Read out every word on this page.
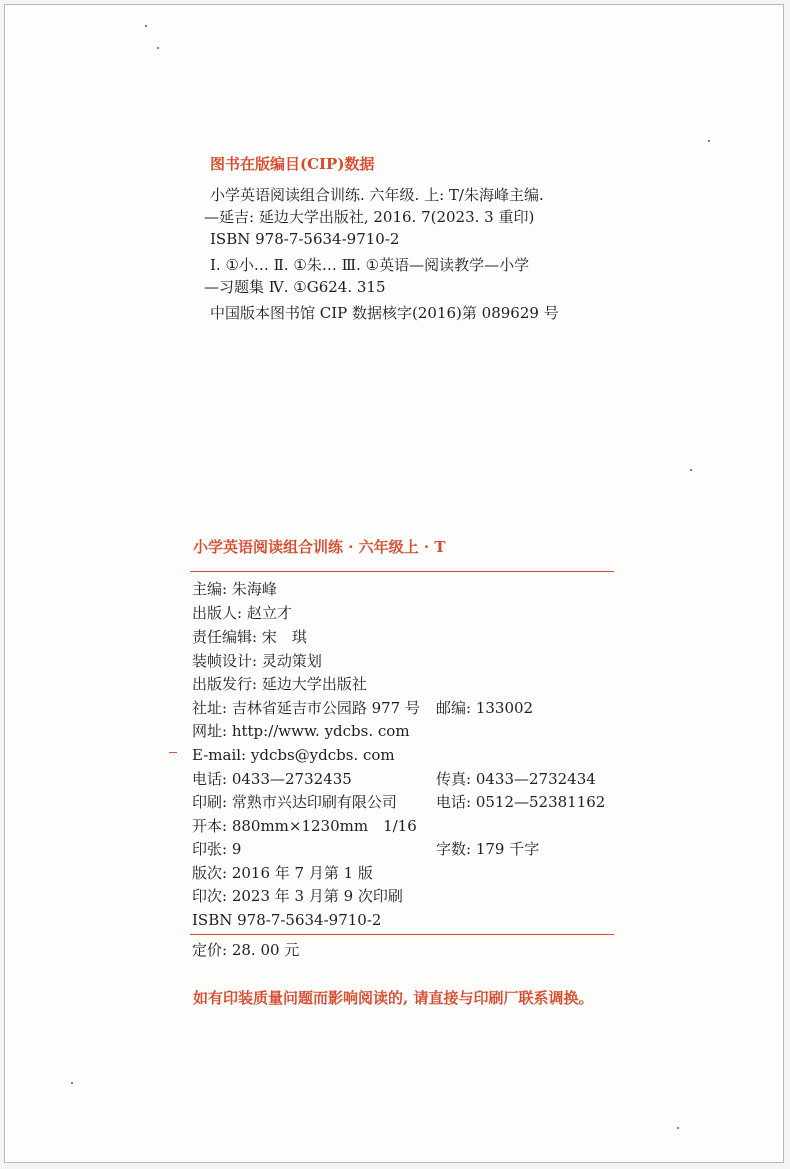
图书在版编目(CIP)数据
小学英语阅读组合训练. 六年级. 上: T/朱海峰主编.
—延吉: 延边大学出版社, 2016. 7(2023. 3 重印)
ISBN 978-7-5634-9710-2
Ⅰ. ①小… Ⅱ. ①朱… Ⅲ. ①英语—阅读教学—小学
—习题集 Ⅳ. ①G624. 315
中国版本图书馆 CIP 数据核字(2016)第 089629 号
小学英语阅读组合训练 · 六年级上 · T
主编: 朱海峰
出版人: 赵立才
责任编辑: 宋　琪
装帧设计: 灵动策划
出版发行: 延边大学出版社
社址: 吉林省延吉市公园路 977 号 邮编: 133002
网址: http://www. ydcbs. com
E-mail: ydcbs@ydcbs. com
电话: 0433—2732435	传真: 0433—2732434
印刷: 常熟市兴达印刷有限公司	电话: 0512—52381162
开本: 880mm×1230mm　1/16
印张: 9	字数: 179 千字
版次: 2016 年 7 月第 1 版
印次: 2023 年 3 月第 9 次印刷
ISBN 978-7-5634-9710-2
定价: 28. 00 元
如有印装质量问题而影响阅读的, 请直接与印刷厂联系调换。
